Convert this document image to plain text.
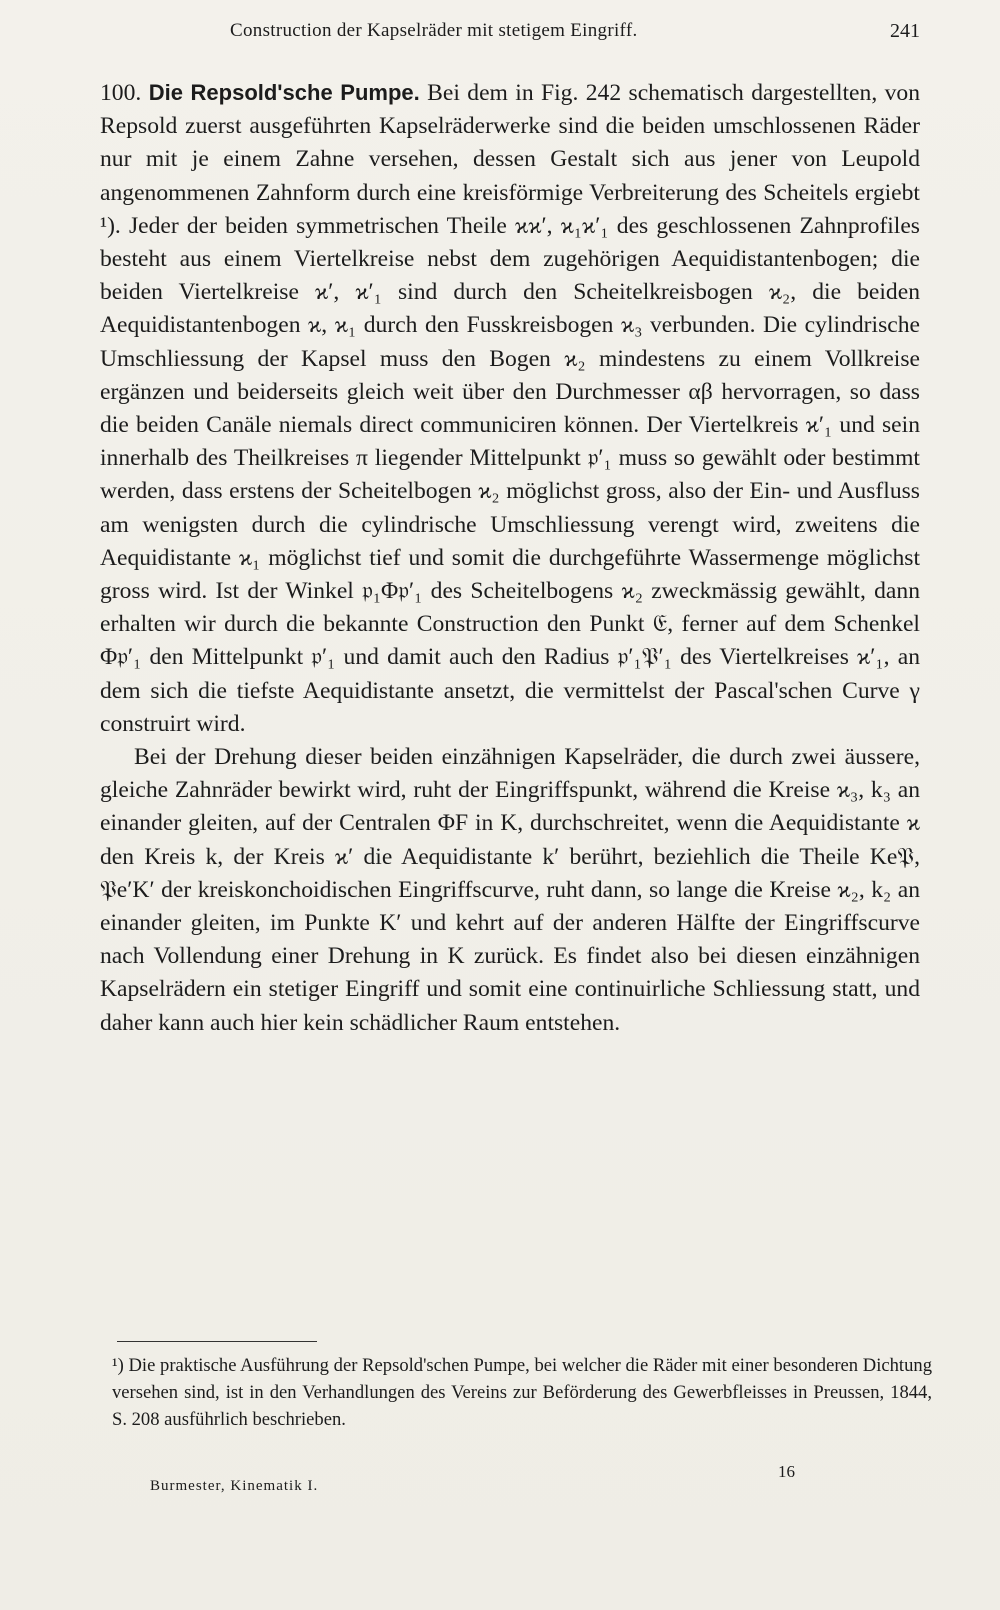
Construction der Kapselräder mit stetigem Eingriff.	241

100. Die Repsold'sche Pumpe. Bei dem in Fig. 242 schematisch dargestellten, von Repsold zuerst ausgeführten Kapselräderwerke sind die beiden umschlossenen Räder nur mit je einem Zahne versehen, dessen Gestalt sich aus jener von Leupold angenommenen Zahnform durch eine kreisförmige Verbreiterung des Scheitels ergiebt ¹). Jeder der beiden symmetrischen Theile ϰϰ′, ϰ₁ϰ′₁ des geschlossenen Zahnprofiles besteht aus einem Viertelkreise nebst dem zugehörigen Aequidistantenbogen; die beiden Viertelkreise ϰ′, ϰ′₁ sind durch den Scheitelkreisbogen ϰ₂, die beiden Aequidistantenbogen ϰ, ϰ₁ durch den Fusskreisbogen ϰ₃ verbunden. Die cylindrische Umschliessung der Kapsel muss den Bogen ϰ₂ mindestens zu einem Vollkreise ergänzen und beiderseits gleich weit über den Durchmesser αβ hervorragen, so dass die beiden Canäle niemals direct communiciren können. Der Viertelkreis ϰ′₁ und sein innerhalb des Theilkreises π liegender Mittelpunkt 𝔭′₁ muss so gewählt oder bestimmt werden, dass erstens der Scheitelbogen ϰ₂ möglichst gross, also der Ein- und Ausfluss am wenigsten durch die cylindrische Umschliessung verengt wird, zweitens die Aequidistante ϰ₁ möglichst tief und somit die durchgeführte Wassermenge möglichst gross wird. Ist der Winkel 𝔭₁Φ𝔭′₁ des Scheitelbogens ϰ₂ zweckmässig gewählt, dann erhalten wir durch die bekannte Construction den Punkt 𝔈, ferner auf dem Schenkel Φ𝔭′₁ den Mittelpunkt 𝔭′₁ und damit auch den Radius 𝔭′₁𝔓′₁ des Viertelkreises ϰ′₁, an dem sich die tiefste Aequidistante ansetzt, die vermittelst der Pascal'schen Curve γ construirt wird.

Bei der Drehung dieser beiden einzähnigen Kapselräder, die durch zwei äussere, gleiche Zahnräder bewirkt wird, ruht der Eingriffspunkt, während die Kreise ϰ₃, k₃ an einander gleiten, auf der Centralen ΦF in K, durchschreitet, wenn die Aequidistante ϰ den Kreis k, der Kreis ϰ′ die Aequidistante k′ berührt, beziehlich die Theile Ke𝔓, 𝔓e′K′ der kreiskonchoidischen Eingriffscurve, ruht dann, so lange die Kreise ϰ₂, k₂ an einander gleiten, im Punkte K′ und kehrt auf der anderen Hälfte der Eingriffscurve nach Vollendung einer Drehung in K zurück. Es findet also bei diesen einzähnigen Kapselrädern ein stetiger Eingriff und somit eine continuirliche Schliessung statt, und daher kann auch hier kein schädlicher Raum entstehen.

¹) Die praktische Ausführung der Repsold'schen Pumpe, bei welcher die Räder mit einer besonderen Dichtung versehen sind, ist in den Verhandlungen des Vereins zur Beförderung des Gewerbfleisses in Preussen, 1844, S. 208 ausführlich beschrieben.

Burmester, Kinematik I.
16
